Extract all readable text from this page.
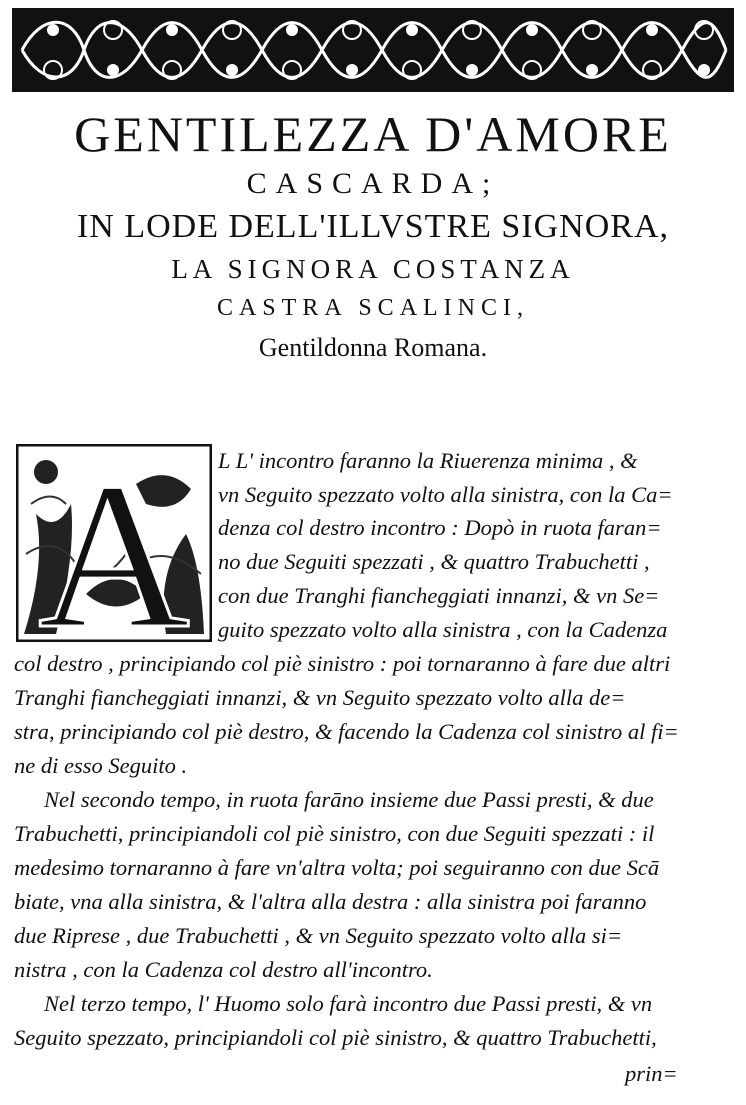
GENTILEZZA D'AMORE
CASCARDA;
IN LODE DELL'ILLVSTRE SIGNORA,
LA SIGNORA COSTANZA
CASTRA SCALINCI,
Gentildonna Romana.
A L L' incontro faranno la Riuerenza minima , &
vn Seguito spezzato volto alla sinistra, con la Ca=
denza col destro incontro : Dopò in ruota faran=
no due Seguiti spezzati , & quattro Trabuchetti ,
con due Tranghi fiancheggiati innanzi, & vn Se=
guito spezzato volto alla sinistra , con la Cadenza
col destro , principiando col piè sinistro : poi tornaranno à fare due altri
Tranghi fiancheggiati innanzi, & vn Seguito spezzato volto alla de=
stra, principiando col piè destro, & facendo la Cadenza col sinistro al fi=
ne di esso Seguito .
Nel secondo tempo, in ruota farāno insieme due Passi presti, & due
Trabuchetti, principiandoli col piè sinistro, con due Seguiti spezzati : il
medesimo tornaranno à fare vn'altra volta; poi seguiranno con due Scā
biate, vna alla sinistra, & l'altra alla destra : alla sinistra poi faranno
due Riprese , due Trabuchetti , & vn Seguito spezzato volto alla si=
nistra , con la Cadenza col destro all'incontro.
Nel terzo tempo, l' Huomo solo farà incontro due Passi presti, & vn
Seguito spezzato, principiandoli col piè sinistro, & quattro Trabuchetti,
prin=
